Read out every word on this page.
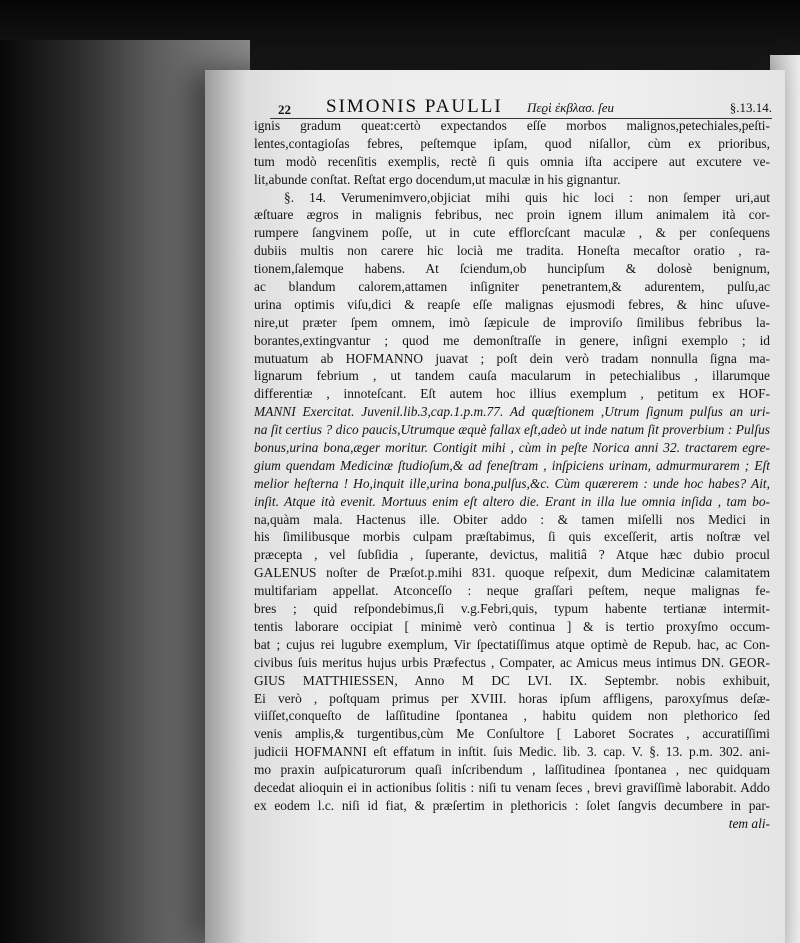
22 SIMONIS PAULLI Πεϱὶ ἐκβλασ. ſeu	§.13.14.
ignis gradum queat:certò expectandos eſſe morbos malignos,petechiales,peſti-
lentes,contagioſas febres, peſtemque ipſam, quod niſallor, cùm ex prioribus,
tum modò recenſitis exemplis, rectè ſi quis omnia iſta accipere aut excutere ve-
lit,abunde conſtat. Reſtat ergo docendum,ut maculæ in his gignantur.
§. 14. Verumenimvero,objiciat mihi quis hic loci : non ſemper uri,aut
æſtuare ægros in malignis febribus, nec proin ignem illum animalem ità cor-
rumpere ſangvinem poſſe, ut in cute efflorcſcant maculæ , & per conſequens
dubiis multis non carere hic locià me tradita. Honeſta mecaſtor oratio , ra-
tionem,ſalemque habens. At ſciendum,ob huncipſum & dolosè benignum,
ac blandum calorem,attamen inſigniter penetrantem,& adurentem, pulſu,ac
urina optimis viſu,dici & reapſe eſſe malignas ejusmodi febres, & hinc uſuve-
nire,ut præter ſpem omnem, imò ſæpicule de improviſo ſimilibus febribus la-
borantes,extingvantur ; quod me demonſtraſſe in genere, inſigni exemplo ; id
mutuatum ab HOFMANNO juavat ; poſt dein verò tradam nonnulla ſigna ma-
lignarum febrium , ut tandem cauſa macularum in petechialibus , illarumque
differentiæ , innoteſcant. Eſt autem hoc illius exemplum , petitum ex HOF-
MANNI Exercitat. Juvenil.lib.3,cap.1.p.m.77. Ad quæſtionem ,Utrum ſignum pulſus an uri-
na ſit certius ? dico paucis,Utrumque æquè fallax eſt,adeò ut inde natum ſit proverbium : Pulſus
bonus,urina bona,æger moritur. Contigit mihi , cùm in peſte Norica anni 32. tractarem egre-
gium quendam Medicinæ ſtudioſum,& ad feneſtram , inſpiciens urinam, admurmurarem ; Eſt
melior heſterna ! Ho,inquit ille,urina bona,pulſus,&c. Cùm quærerem : unde hoc habes? Ait,
inſit. Atque ità evenit. Mortuus enim eſt altero die. Erant in illa lue omnia inſida , tam bo-
na,quàm mala. Hactenus ille. Obiter addo : & tamen miſelli nos Medici in
his ſimilibusque morbis culpam præſtabimus, ſi quis exceſſerit, artis noſtræ vel
præcepta , vel ſubſidia , ſuperante, devictus, malitiâ ? Atque hæc dubio procul
GALENUS noſter de Præſot.p.mihi 831. quoque reſpexit, dum Medicinæ calamitatem
multifariam appellat. Atconceſſo : neque graſſari peſtem, neque malignas fe-
bres ; quid reſpondebimus,ſi v.g.Febri,quis, typum habente tertianæ intermit-
tentis laborare occipiat [ minimè verò continua ] & is tertio proxyſmo occum-
bat ; cujus rei lugubre exemplum, Vir ſpectatiſſimus atque optimè de Repub. hac, ac Con-
civibus ſuis meritus hujus urbis Præfectus , Compater, ac Amicus meus intimus DN. GEOR-
GIUS MATTHIESSEN, Anno M DC LVI. IX. Septembr. nobis exhibuit,
Ei verò , poſtquam primus per XVIII. horas ipſum affligens, paroxyſmus deſæ-
viiſſet,conqueſto de laſſitudine ſpontanea , habitu quidem non plethorico ſed
venis amplis,& turgentibus,cùm Me Conſultore [ Laboret Socrates , accuratiſſimi
judicii HOFMANNI eſt effatum in inſtit. ſuis Medic. lib. 3. cap. V. §. 13. p.m. 302. ani-
mo praxin auſpicaturorum quaſi inſcribendum , laſſitudinea ſpontanea , nec quidquam
decedat alioquin ei in actionibus ſolitis : niſi tu venam ſeces , brevi graviſſimè laborabit. Addo
ex eodem l.c. niſi id fiat, & præſertim in plethoricis : ſolet ſangvis decumbere in par-
tem ali-
